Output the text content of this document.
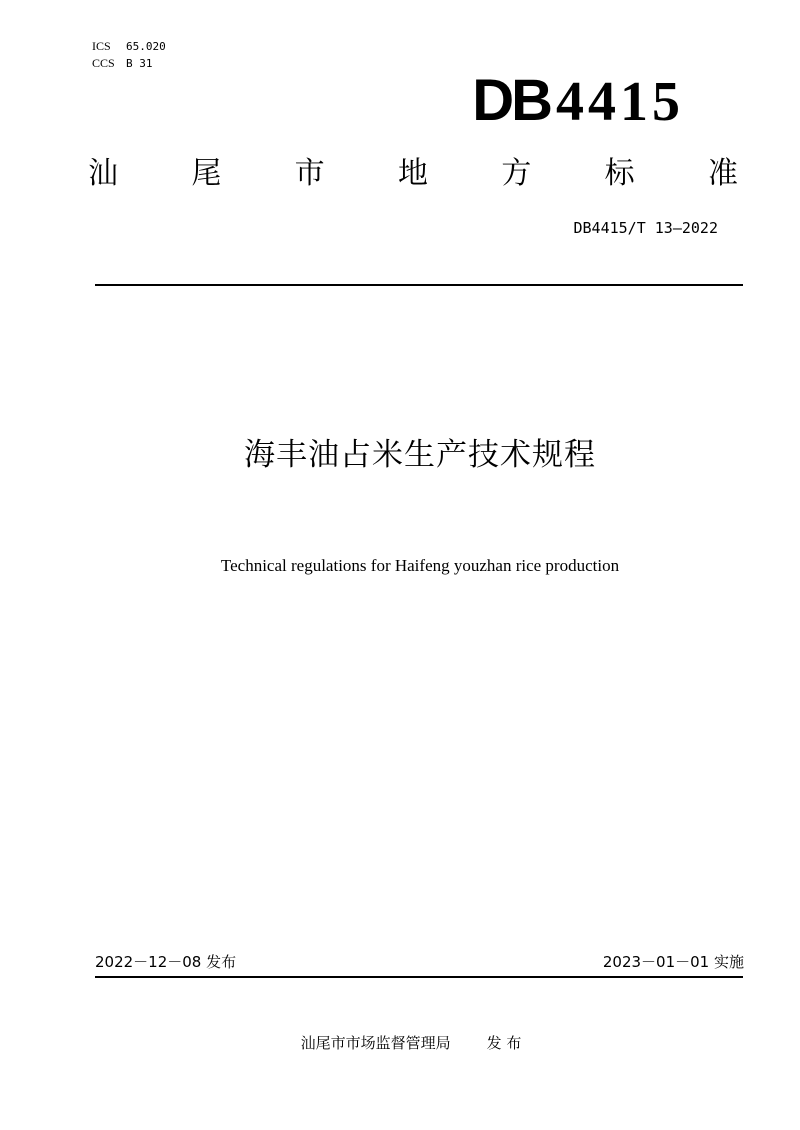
ICS 65.020
CCS B 31
DB 4415
汕 尾 市 地 方 标 准
DB4415/T 13—2022
海丰油占米生产技术规程
Technical regulations for Haifeng youzhan rice production
2022－12－08 发布	2023－01－01 实施
汕尾市市场监督管理局 发 布
